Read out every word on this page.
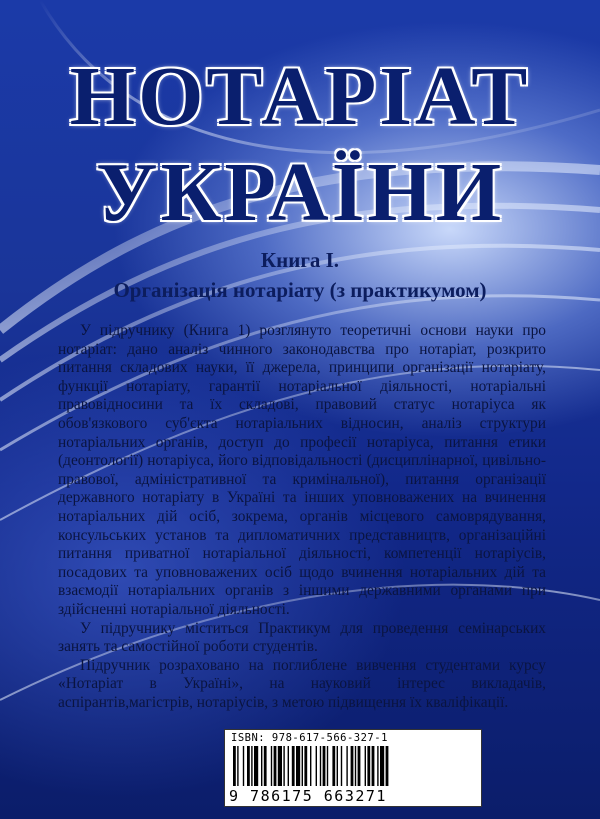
НОТАРІАТ
УКРАЇНИ
Книга І.
Організація нотаріату (з практикумом)

У підручнику (Книга 1) розглянуто теоретичні основи науки про нотаріат: дано аналіз чинного законодавства про нотаріат, розкрито питання складових науки, її джерела, принципи організації нотаріату, функції нотаріату, гарантії нотаріальної діяльності, нотаріальні правовідносини та їх складові, правовий статус нотаріуса як обов'язкового суб'єкта нотаріальних відносин, аналіз структури нотаріальних органів, доступ до професії нотаріуса, питання етики (деонтології) нотаріуса, його відповідальності (дисциплінарної, цивільно-правової, адміністративної та кримінальної), питання організації державного нотаріату в Україні та інших уповноважених на вчинення нотаріальних дій осіб, зокрема, органів місцевого самоврядування, консульських установ та дипломатичних представництв, організаційні питання приватної нотаріальної діяльності, компетенції нотаріусів, посадових та уповноважених осіб щодо вчинення нотаріальних дій та взаємодії нотаріальних органів з іншими державними органами при здійсненні нотаріальної діяльності.

У підручнику міститься Практикум для проведення семінарських занять та самостійної роботи студентів.

Підручник розраховано на поглиблене вивчення студентами курсу «Нотаріат в Україні», на науковий інтерес викладачів, аспірантів,магістрів, нотаріусів, з метою підвищення їх кваліфікації.

ISBN: 978-617-566-327-1
9 786175 663271
